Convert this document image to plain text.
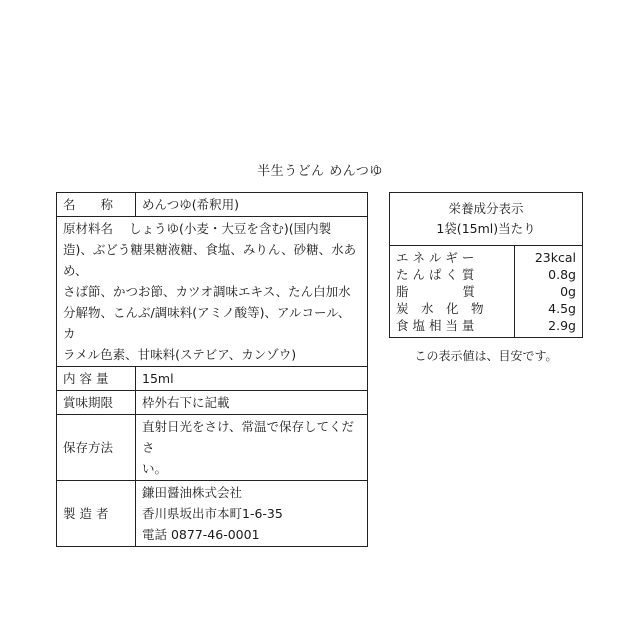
半生うどん めんつゆ
名　　称	めんつゆ(希釈用)
原材料名 しょうゆ(小麦・大豆を含む)(国内製
造)、ぶどう糖果糖液糖、食塩、みりん、砂糖、水あめ、
さば節、かつお節、カツオ調味エキス、たん白加水
分解物、こんぶ/調味料(アミノ酸等)、アルコール、カ
ラメル色素、甘味料(ステビア、カンゾウ)	
内 容 量	15ml
賞味期限	枠外右下に記載
保存方法	直射日光をさけ、常温で保存してくださ
い。
製 造 者	鎌田醤油株式会社
香川県坂出市本町1-6-35
電話 0877-46-0001
栄養成分表示
1袋(15ml)当たり	
エ ネ ル ギ ー	23kcal
た ん ぱ く 質	0.8g
脂　　　　 質	0g
炭　水　化　物	4.5g
食 塩 相 当 量	2.9g
この表示値は、目安です。
